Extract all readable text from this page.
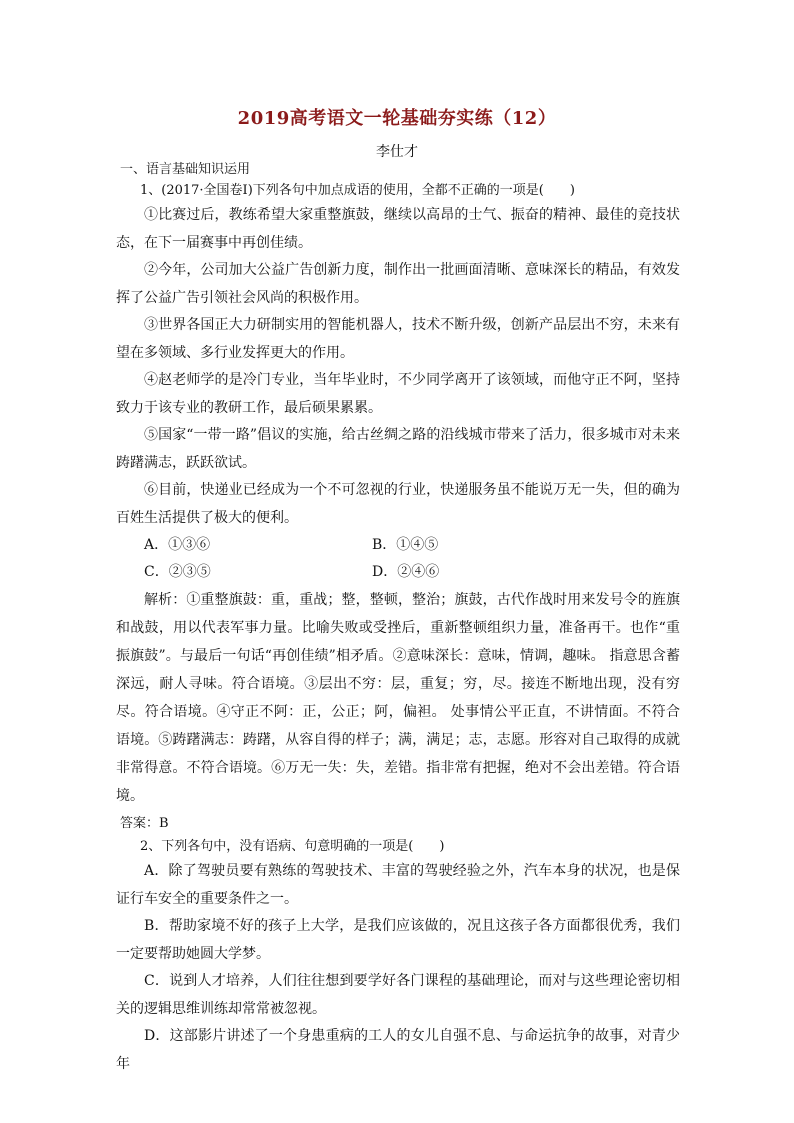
2019高考语文一轮基础夯实练（12）
李仕才
一、语言基础知识运用
1、(2017·全国卷Ⅰ)下列各句中加点成语的使用，全都不正确的一项是(　　)

①比赛过后，教练希望大家重整旗鼓，继续以高昂的士气、振奋的精神、最佳的竞技状态，在下一届赛事中再创佳绩。

②今年，公司加大公益广告创新力度，制作出一批画面清晰、意味深长的精品，有效发挥了公益广告引领社会风尚的积极作用。

③世界各国正大力研制实用的智能机器人，技术不断升级，创新产品层出不穷，未来有望在多领域、多行业发挥更大的作用。

④赵老师学的是冷门专业，当年毕业时，不少同学离开了该领域，而他守正不阿，坚持致力于该专业的教研工作，最后硕果累累。

⑤国家“一带一路”倡议的实施，给古丝绸之路的沿线城市带来了活力，很多城市对未来踌躇满志，跃跃欲试。

⑥目前，快递业已经成为一个不可忽视的行业，快递服务虽不能说万无一失，但的确为百姓生活提供了极大的便利。

A．①③⑥	B．①④⑤
C．②③⑤	D．②④⑥

解析：①重整旗鼓：重，重战；整，整顿，整治；旗鼓，古代作战时用来发号令的旌旗和战鼓，用以代表军事力量。比喻失败或受挫后，重新整顿组织力量，准备再干。也作“重振旗鼓”。与最后一句话“再创佳绩”相矛盾。②意味深长：意味，情调，趣味。 指意思含蓄深远，耐人寻味。符合语境。③层出不穷：层，重复；穷，尽。接连不断地出现，没有穷尽。符合语境。④守正不阿：正，公正；阿，偏袒。 处事情公平正直，不讲情面。不符合语境。⑤踌躇满志：踌躇，从容自得的样子；满，满足；志，志愿。形容对自己取得的成就非常得意。不符合语境。⑥万无一失：失，差错。指非常有把握，绝对不会出差错。符合语境。

答案：B
2、下列各句中，没有语病、句意明确的一项是(　　)

A．除了驾驶员要有熟练的驾驶技术、丰富的驾驶经验之外，汽车本身的状况，也是保证行车安全的重要条件之一。

B．帮助家境不好的孩子上大学，是我们应该做的，况且这孩子各方面都很优秀，我们一定要帮助她圆大学梦。

C．说到人才培养，人们往往想到要学好各门课程的基础理论，而对与这些理论密切相关的逻辑思维训练却常常被忽视。

D．这部影片讲述了一个身患重病的工人的女儿自强不息、与命运抗争的故事，对青少年
